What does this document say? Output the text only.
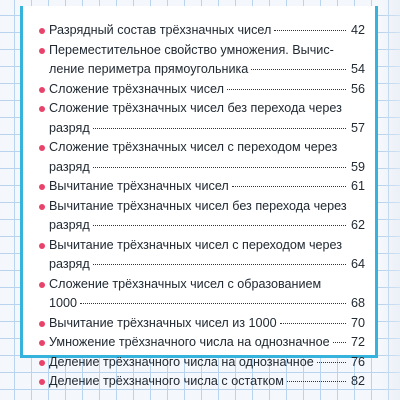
Разрядный состав трёхзначных чисел	42
Переместительное свойство умножения. Вычис-
ление периметра прямоугольника	54
Сложение трёхзначных чисел	56
Сложение трёхзначных чисел без перехода через
разряд	57
Сложение трёхзначных чисел с переходом через
разряд	59
Вычитание трёхзначных чисел	61
Вычитание трёхзначных чисел без перехода через
разряд	62
Вычитание трёхзначных чисел с переходом через
разряд	64
Сложение трёхзначных чисел с образованием
1000	68
Вычитание трёхзначных чисел из 1000	70
Умножение трёхзначного числа на однозначное 72
Деление трёхзначного числа на однозначное	76
Деление трёхзначного числа с остатком	82
